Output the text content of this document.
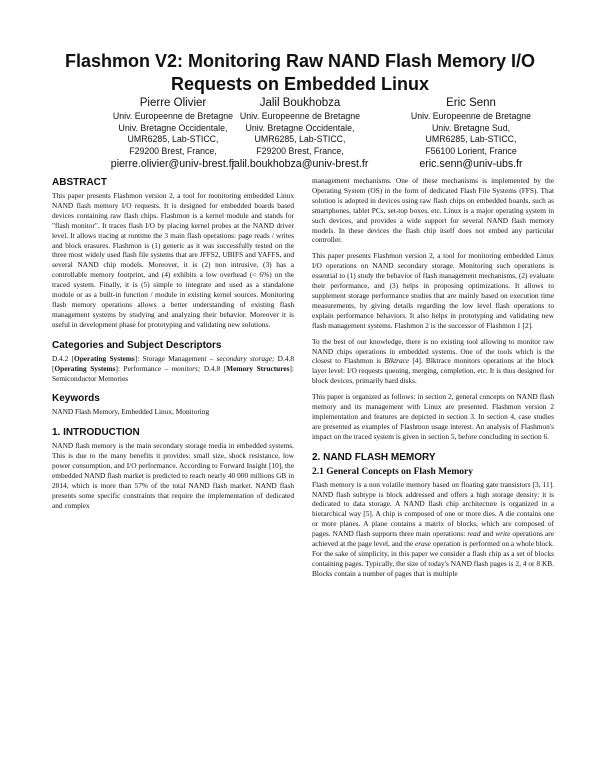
Flashmon V2: Monitoring Raw NAND Flash Memory I/O
Requests on Embedded Linux
Pierre Olivier
Univ. Europeenne de Bretagne
Univ. Bretagne Occidentale,
UMR6285, Lab-STICC,
F29200 Brest, France,
pierre.olivier@univ-brest.fr
Jalil Boukhobza
Univ. Europeenne de Bretagne
Univ. Bretagne Occidentale,
UMR6285, Lab-STICC,
F29200 Brest, France,
jalil.boukhobza@univ-brest.fr
Eric Senn
Univ. Europeenne de Bretagne
Univ. Bretagne Sud,
UMR6285, Lab-STICC,
F56100 Lorient, France
eric.senn@univ-ubs.fr
ABSTRACT

This paper presents Flashmon version 2, a tool for monitoring embedded Linux NAND flash memory I/O requests. It is designed for embedded boards based devices containing raw flash chips. Flashmon is a kernel module and stands for "flash monitor". It traces flash I/O by placing kernel probes at the NAND driver level. It allows tracing at runtime the 3 main flash operations: page reads / writes and block erasures. Flashmon is (1) generic as it was successfully tested on the three most widely used flash file systems that are JFFS2, UBIFS and YAFFS, and several NAND chip models. Moreover, it is (2) non intrusive, (3) has a controllable memory footprint, and (4) exhibits a low overhead (< 6%) on the traced system. Finally, it is (5) simple to integrate and used as a standalone module or as a built-in function / module in existing kernel sources. Monitoring flash memory operations allows a better understanding of existing flash management systems by studying and analyzing their behavior. Moreover it is useful in development phase for prototyping and validating new solutions.

Categories and Subject Descriptors

D.4.2 [Operating Systems]: Storage Management – secondary storage; D.4.8 [Operating Systems]: Performance – monitors; D.4.8 [Memory Structures]: Semiconductor Memories

Keywords

NAND Flash Memory, Embedded Linux, Monitoring

1. INTRODUCTION

NAND flash memory is the main secondary storage media in embedded systems. This is due to the many benefits it provides: small size, shock resistance, low power consumption, and I/O performance. According to Forward Insight [10], the embedded NAND flash market is predicted to reach nearly 40 000 millions GB in 2014, which is more than 57% of the total NAND flash market. NAND flash presents some specific constraints that require the implementation of dedicated and complex

management mechanisms. One of these mechanisms is implemented by the Operating System (OS) in the form of dedicated Flash File Systems (FFS). That solution is adopted in devices using raw flash chips on embedded boards, such as smartphones, tablet PCs, set-top boxes, etc. Linux is a major operating system in such devices, and provides a wide support for several NAND flash memory models. In these devices the flash chip itself does not embed any particular controller.

This paper presents Flashmon version 2, a tool for monitoring embedded Linux I/O operations on NAND secondary storage. Monitoring such operations is essential to (1) study the behavior of flash management mechanisms, (2) evaluate their performance, and (3) helps in proposing optimizations. It allows to supplement storage performance studies that are mainly based on execution time measurements, by giving details regarding the low level flash operations to explain performance behaviors. It also helps in prototyping and validating new flash management systems. Flashmon 2 is the successor of Flashmon 1 [2].

To the best of our knowledge, there is no existing tool allowing to monitor raw NAND chips operations in embedded systems. One of the tools which is the closest to Flashmon is Blktrace [4]. Blktrace monitors operations at the block layer level: I/O requests queuing, merging, completion, etc. It is thus designed for block devices, primarily hard disks.

This paper is organized as follows: in section 2, general concepts on NAND flash memory and its management with Linux are presented. Flashmon version 2 implementation and features are depicted in section 3. In section 4, case studies are presented as examples of Flashmon usage interest. An analysis of Flashmon's impact on the traced system is given in section 5, before concluding in section 6.

2. NAND FLASH MEMORY
2.1 General Concepts on Flash Memory

Flash memory is a non volatile memory based on floating gate transistors [3, 11]. NAND flash subtype is block addressed and offers a high storage density: it is dedicated to data storage. A NAND flash chip architecture is organized in a hierarchical way [5]. A chip is composed of one or more dies. A die contains one or more planes. A plane contains a matrix of blocks, which are composed of pages. NAND flash supports three main operations: read and write operations are achieved at the page level, and the erase operation is performed on a whole block. For the sake of simplicity, in this paper we consider a flash chip as a set of blocks containing pages. Typically, the size of today's NAND flash pages is 2, 4 or 8 KB. Blocks contain a number of pages that is multiple
